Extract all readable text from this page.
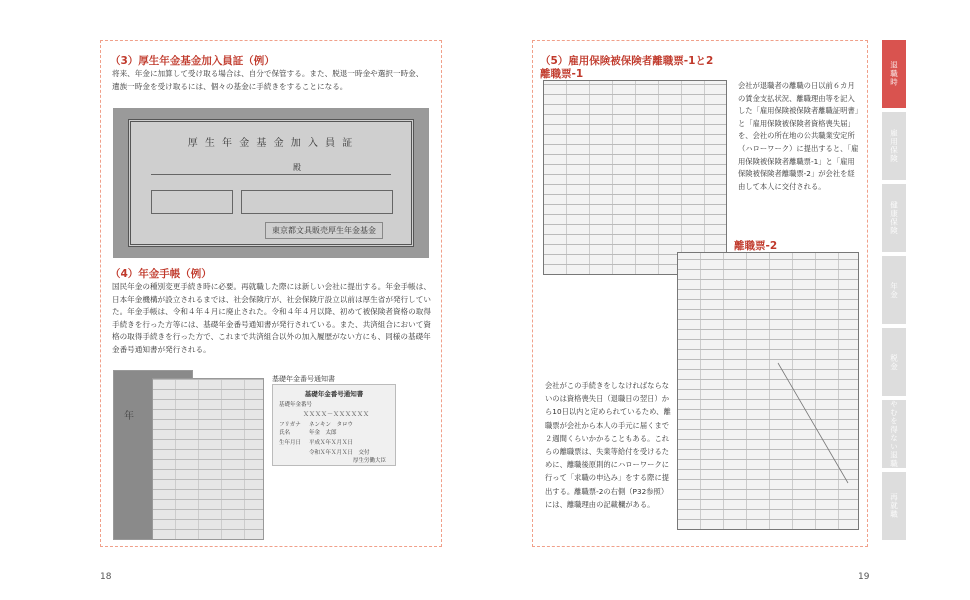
（3）厚生年金基金加入員証（例）
将来、年金に加算して受け取る場合は、自分で保管する。また、脱退一時金や選択一時金、遺族一時金を受け取るには、個々の基金に手続きをすることになる。
厚 生 年 金 基 金 加 入 員 証
殿
東京都文具販売厚生年金基金
（4）年金手帳（例）
国民年金の種別変更手続き時に必要。再就職した際には新しい会社に提出する。年金手帳は、日本年金機構が設立されるまでは、社会保険庁が、社会保険庁設立以前は厚生省が発行していた。年金手帳は、令和４年４月に廃止された。令和４年４月以降、初めて被保険者資格の取得手続きを行った方等には、基礎年金番号通知書が発行されている。また、共済組合において資格の取得手続きを行った方で、これまで共済組合以外の加入履歴がない方にも、同様の基礎年金番号通知書が発行される。
年
基礎年金番号通知書
基礎年金番号通知書
基礎年金番号
ＸＸＸＸ－ＸＸＸＸＸＸ
フリガナ ネンキン　タロウ
氏名	年金　太郎
生年月日 平成Ｘ年Ｘ月Ｘ日
令和Ｘ年Ｘ月Ｘ日　交付
厚生労働大臣
18
（5）雇用保険被保険者離職票-1と2
離職票-1
会社が退職者の離職の日以前６カ月の賃金支払状況、離職理由等を記入した「雇用保険被保険者離職証明書」と「雇用保険被保険者資格喪失届」を、会社の所在地の公共職業安定所（ハローワーク）に提出すると、「雇用保険被保険者離職票-1」と「雇用保険被保険者離職票-2」が会社を経由して本人に交付される。
離職票-2
会社がこの手続きをしなければならないのは資格喪失日（退職日の翌日）から10日以内と定められているため、離職票が会社から本人の手元に届くまで２週間くらいかかることもある。これらの離職票は、失業等給付を受けるために、離職後原則的にハローワークに行って「求職の申込み」をする際に提出する。離職票-2の右側（P32参照）には、離職理由の記載欄がある。
19
退職時
雇用保険
健康保険
年金
税金
やむを得ない退職
再就職
